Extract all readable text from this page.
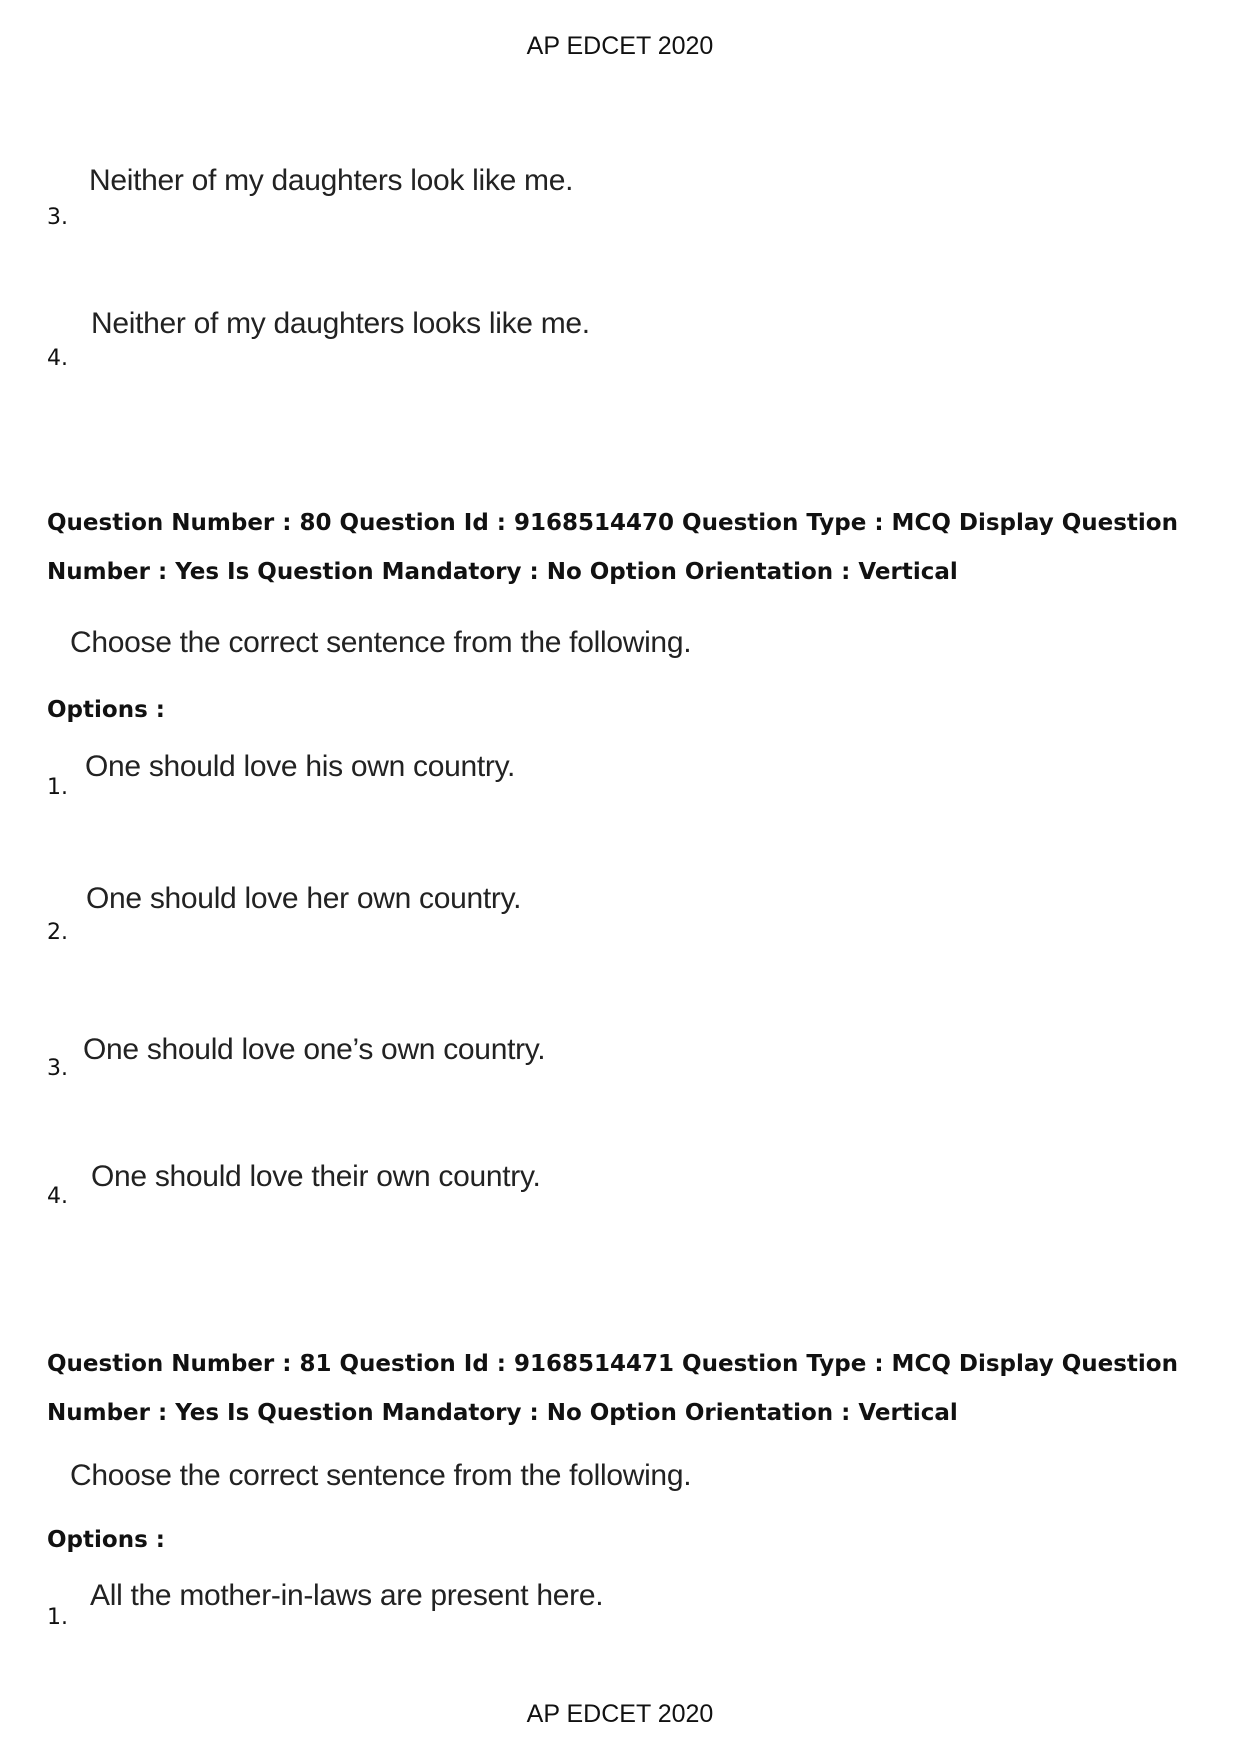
AP EDCET 2020
3.
Neither of my daughters look like me.
4.
Neither of my daughters looks like me.
Question Number : 80 Question Id : 9168514470 Question Type : MCQ Display Question
Number : Yes Is Question Mandatory : No Option Orientation : Vertical
Choose the correct sentence from the following.
Options :
1.
One should love his own country.
2.
One should love her own country.
3.
One should love one’s own country.
4.
One should love their own country.
Question Number : 81 Question Id : 9168514471 Question Type : MCQ Display Question
Number : Yes Is Question Mandatory : No Option Orientation : Vertical
Choose the correct sentence from the following.
Options :
1.
All the mother-in-laws are present here.
AP EDCET 2020
